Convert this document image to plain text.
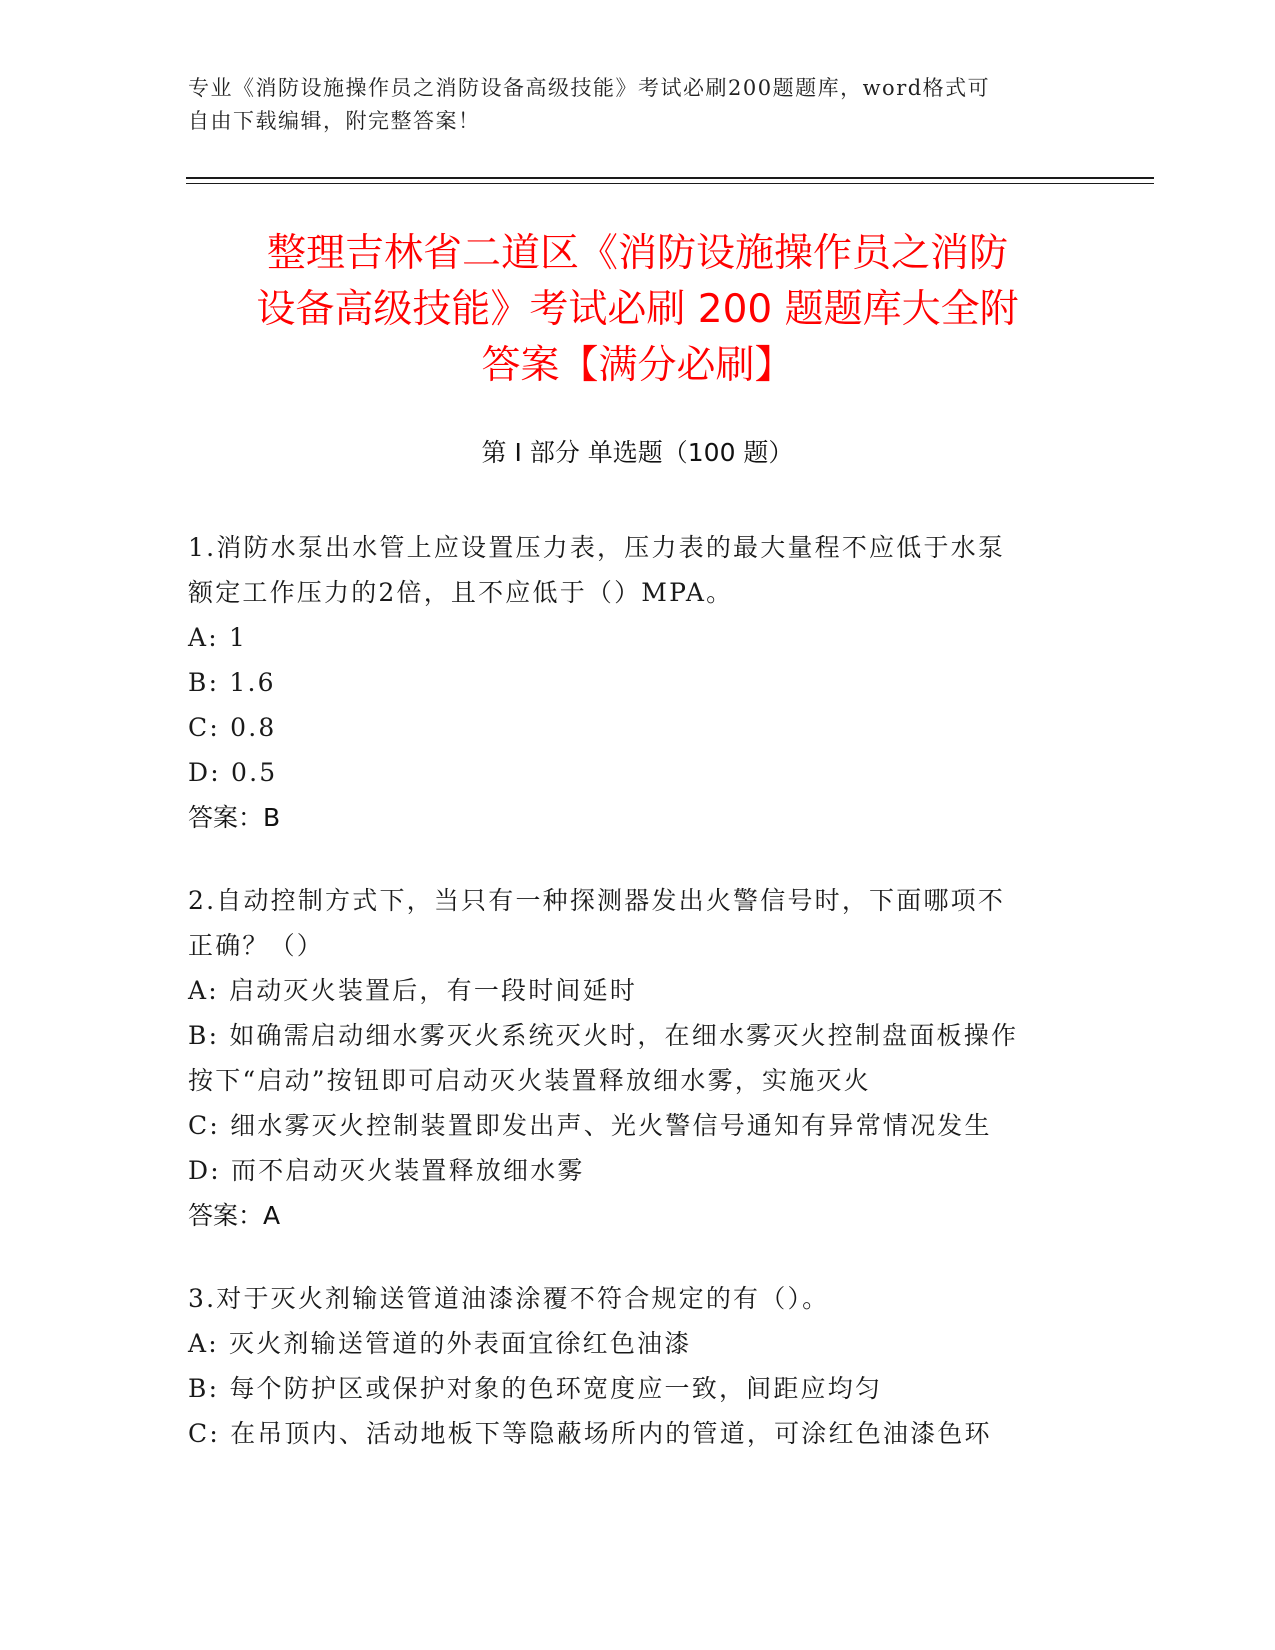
专业《消防设施操作员之消防设备高级技能》考试必刷200题题库，word格式可
自由下载编辑，附完整答案！
整理吉林省二道区《消防设施操作员之消防
设备高级技能》考试必刷 200 题题库大全附
答案【满分必刷】
第 I 部分 单选题（100 题）
1.消防水泵出水管上应设置压力表，压力表的最大量程不应低于水泵
额定工作压力的2倍，且不应低于（）MPA。
A: 1
B: 1.6
C: 0.8
D: 0.5
答案：B
2.自动控制方式下，当只有一种探测器发出火警信号时，下面哪项不
正确？（）
A: 启动灭火装置后，有一段时间延时
B: 如确需启动细水雾灭火系统灭火时，在细水雾灭火控制盘面板操作
按下“启动”按钮即可启动灭火装置释放细水雾，实施灭火
C: 细水雾灭火控制装置即发出声、光火警信号通知有异常情况发生
D: 而不启动灭火装置释放细水雾
答案：A
3.对于灭火剂输送管道油漆涂覆不符合规定的有（）。
A: 灭火剂输送管道的外表面宜徐红色油漆
B: 每个防护区或保护对象的色环宽度应一致，间距应均匀
C: 在吊顶内、活动地板下等隐蔽场所内的管道，可涂红色油漆色环
